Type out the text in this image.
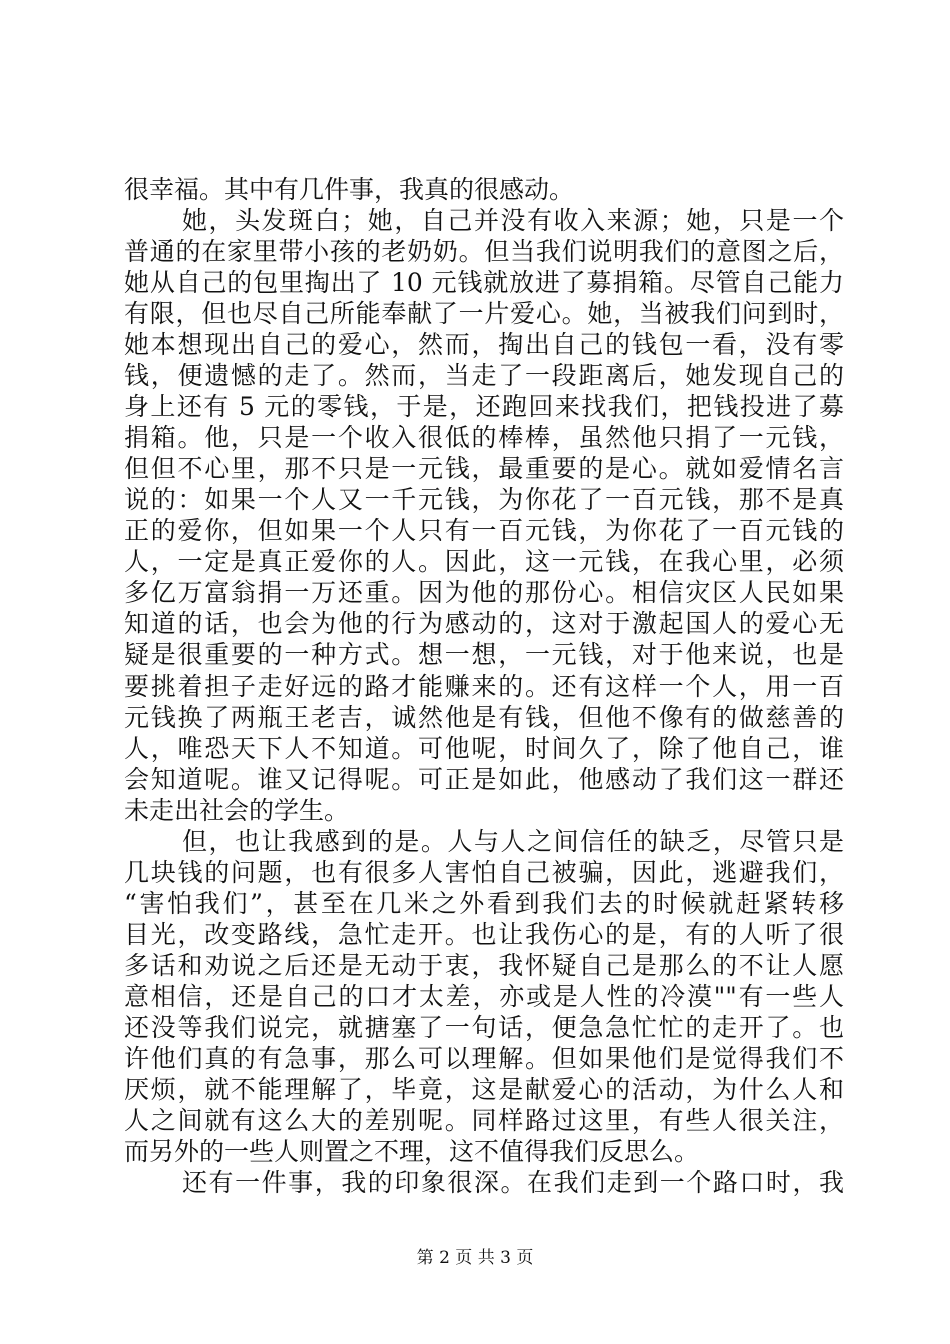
很幸福。其中有几件事，我真的很感动。
她，头发斑白；她，自己并没有收入来源；她，只是一个
普通的在家里带小孩的老奶奶。但当我们说明我们的意图之后，
她从自己的包里掏出了 10 元钱就放进了募捐箱。尽管自己能力
有限，但也尽自己所能奉献了一片爱心。她，当被我们问到时，
她本想现出自己的爱心，然而，掏出自己的钱包一看，没有零
钱，便遗憾的走了。然而，当走了一段距离后，她发现自己的
身上还有 5 元的零钱，于是，还跑回来找我们，把钱投进了募
捐箱。他，只是一个收入很低的棒棒，虽然他只捐了一元钱，
但但不心里，那不只是一元钱，最重要的是心。就如爱情名言
说的：如果一个人又一千元钱，为你花了一百元钱，那不是真
正的爱你，但如果一个人只有一百元钱，为你花了一百元钱的
人，一定是真正爱你的人。因此，这一元钱，在我心里，必须
多亿万富翁捐一万还重。因为他的那份心。相信灾区人民如果
知道的话，也会为他的行为感动的，这对于激起国人的爱心无
疑是很重要的一种方式。想一想，一元钱，对于他来说，也是
要挑着担子走好远的路才能赚来的。还有这样一个人，用一百
元钱换了两瓶王老吉，诚然他是有钱，但他不像有的做慈善的
人，唯恐天下人不知道。可他呢，时间久了，除了他自己，谁
会知道呢。谁又记得呢。可正是如此，他感动了我们这一群还
未走出社会的学生。
但，也让我感到的是。人与人之间信任的缺乏，尽管只是
几块钱的问题，也有很多人害怕自己被骗，因此，逃避我们，
“害怕我们”，甚至在几米之外看到我们去的时候就赶紧转移
目光，改变路线，急忙走开。也让我伤心的是，有的人听了很
多话和劝说之后还是无动于衷，我怀疑自己是那么的不让人愿
意相信，还是自己的口才太差，亦或是人性的冷漠""有一些人
还没等我们说完，就搪塞了一句话，便急急忙忙的走开了。也
许他们真的有急事，那么可以理解。但如果他们是觉得我们不
厌烦，就不能理解了，毕竟，这是献爱心的活动，为什么人和
人之间就有这么大的差别呢。同样路过这里，有些人很关注，
而另外的一些人则置之不理，这不值得我们反思么。
还有一件事，我的印象很深。在我们走到一个路口时，我
第 2 页 共 3 页
